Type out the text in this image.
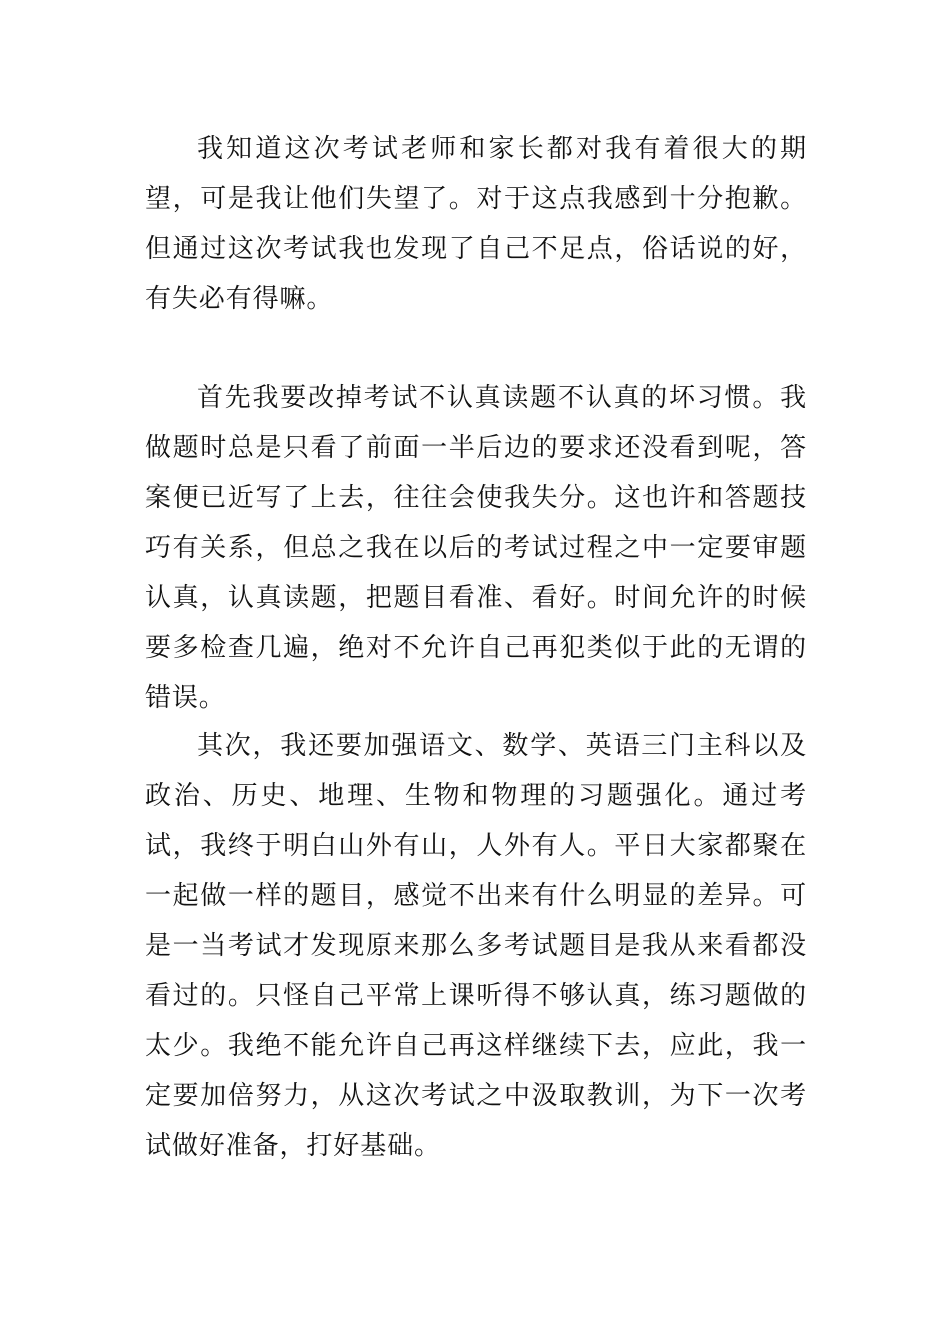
我知道这次考试老师和家长都对我有着很大的期望，可是我让他们失望了。对于这点我感到十分抱歉。但通过这次考试我也发现了自己不足点，俗话说的好，有失必有得嘛。

首先我要改掉考试不认真读题不认真的坏习惯。我做题时总是只看了前面一半后边的要求还没看到呢，答案便已近写了上去，往往会使我失分。这也许和答题技巧有关系，但总之我在以后的考试过程之中一定要审题认真，认真读题，把题目看准、看好。时间允许的时候要多检查几遍，绝对不允许自己再犯类似于此的无谓的错误。

其次，我还要加强语文、数学、英语三门主科以及政治、历史、地理、生物和物理的习题强化。通过考试，我终于明白山外有山，人外有人。平日大家都聚在一起做一样的题目，感觉不出来有什么明显的差异。可是一当考试才发现原来那么多考试题目是我从来看都没看过的。只怪自己平常上课听得不够认真，练习题做的太少。我绝不能允许自己再这样继续下去，应此，我一定要加倍努力，从这次考试之中汲取教训，为下一次考试做好准备，打好基础。
